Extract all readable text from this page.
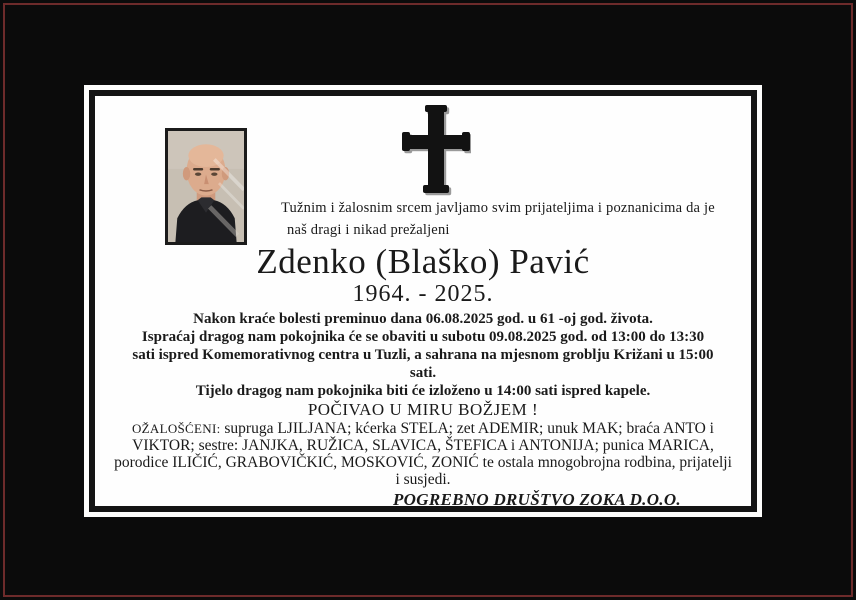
Tužnim i žalosnim srcem javljamo svim prijateljima i poznanicima da je
naš dragi i nikad prežaljeni
Zdenko (Blaško) Pavić
1964. - 2025.
Nakon kraće bolesti preminuo dana 06.08.2025 god. u 61 -oj god. života.
Ispraćaj dragog nam pokojnika će se obaviti u subotu 09.08.2025 god. od 13:00 do 13:30
sati ispred Komemorativnog centra u Tuzli, a sahrana na mjesnom groblju Križani u 15:00
sati.
Tijelo dragog nam pokojnika biti će izloženo u 14:00 sati ispred kapele.
POČIVAO U MIRU BOŽJEM !
OŽALOŠĆENI: supruga LJILJANA; kćerka STELA; zet ADEMIR; unuk MAK; braća ANTO i VIKTOR; sestre: JANJKA, RUŽICA, SLAVICA, ŠTEFICA i ANTONIJA; punica MARICA, porodice ILIČIĆ, GRABOVIČKIĆ, MOSKOVIĆ, ZONIĆ te ostala mnogobrojna rodbina, prijatelji i susjedi.
POGREBNO DRUŠTVO ZOKA D.O.O.
